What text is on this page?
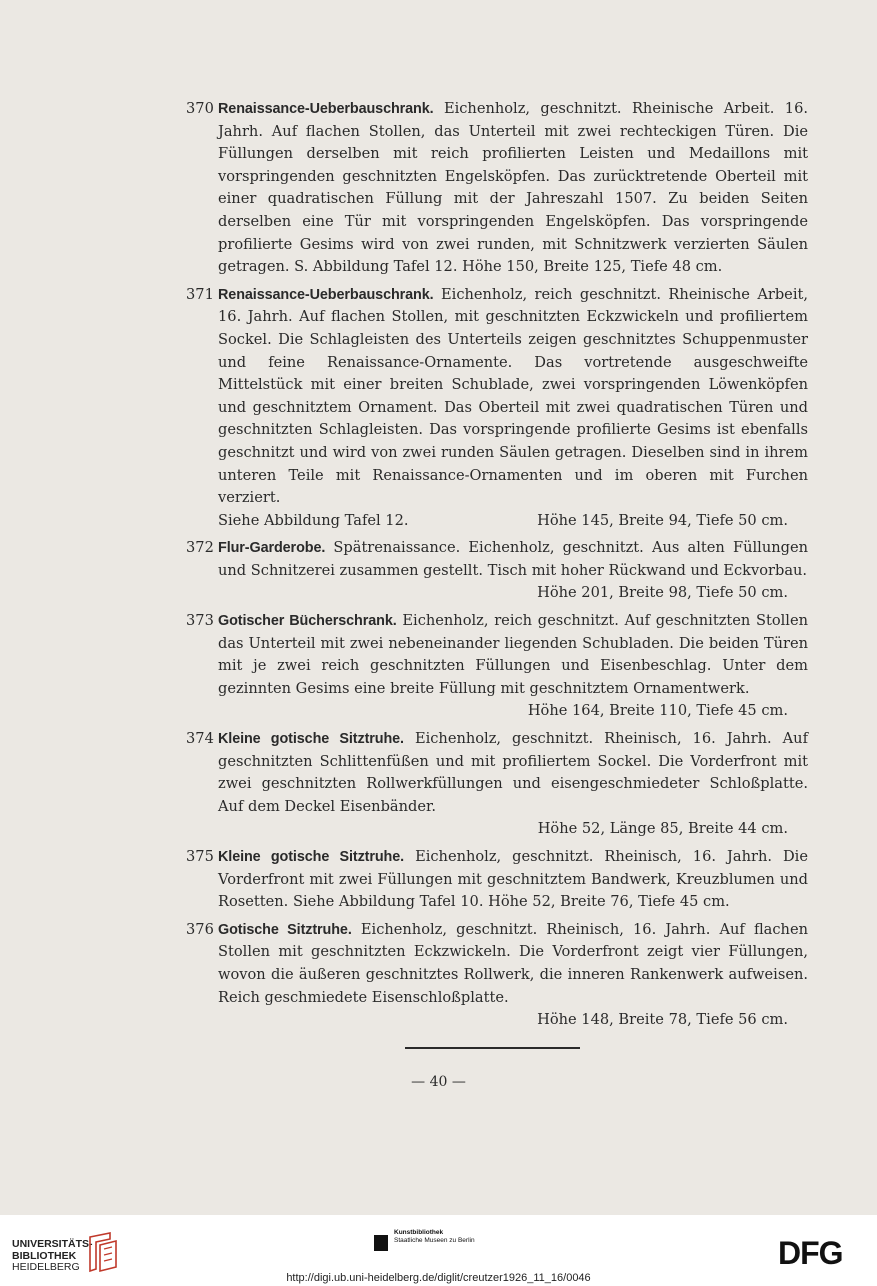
370 Renaissance-Ueberbauschrank. Eichenholz, geschnitzt. Rheinische Arbeit. 16. Jahrh. Auf flachen Stollen, das Unterteil mit zwei rechteckigen Türen. Die Füllungen derselben mit reich profilierten Leisten und Medaillons mit vorspringenden geschnitzten Engelsköpfen. Das zurücktretende Oberteil mit einer quadratischen Füllung mit der Jahreszahl 1507. Zu beiden Seiten derselben eine Tür mit vorspringenden Engelsköpfen. Das vorspringende profilierte Gesims wird von zwei runden, mit Schnitzwerk verzierten Säulen getragen. S. Abbildung Tafel 12. Höhe 150, Breite 125, Tiefe 48 cm.

371 Renaissance-Ueberbauschrank. Eichenholz, reich geschnitzt. Rheinische Arbeit, 16. Jahrh. Auf flachen Stollen, mit geschnitzten Eckzwickeln und profiliertem Sockel. Die Schlagleisten des Unterteils zeigen geschnitztes Schuppenmuster und feine Renaissance-Ornamente. Das vortretende ausgeschweifte Mittelstück mit einer breiten Schublade, zwei vorspringenden Löwenköpfen und geschnitztem Ornament. Das Oberteil mit zwei quadratischen Türen und geschnitzten Schlagleisten. Das vorspringende profilierte Gesims ist ebenfalls geschnitzt und wird von zwei runden Säulen getragen. Dieselben sind in ihrem unteren Teile mit Renaissance-Ornamenten und im oberen mit Furchen verziert.

Siehe Abbildung Tafel 12.	Höhe 145, Breite 94, Tiefe 50 cm.
372 Flur-Garderobe. Spätrenaissance. Eichenholz, geschnitzt. Aus alten Füllungen und Schnitzerei zusammen gestellt. Tisch mit hoher Rückwand und Eckvorbau.

Höhe 201, Breite 98, Tiefe 50 cm.
373 Gotischer Bücherschrank. Eichenholz, reich geschnitzt. Auf geschnitzten Stollen das Unterteil mit zwei nebeneinander liegenden Schubladen. Die beiden Türen mit je zwei reich geschnitzten Füllungen und Eisenbeschlag. Unter dem gezinnten Gesims eine breite Füllung mit geschnitztem Ornamentwerk.

Höhe 164, Breite 110, Tiefe 45 cm.
374 Kleine gotische Sitztruhe. Eichenholz, geschnitzt. Rheinisch, 16. Jahrh. Auf geschnitzten Schlittenfüßen und mit profiliertem Sockel. Die Vorderfront mit zwei geschnitzten Rollwerkfüllungen und eisengeschmiedeter Schloßplatte. Auf dem Deckel Eisenbänder.

Höhe 52, Länge 85, Breite 44 cm.
375 Kleine gotische Sitztruhe. Eichenholz, geschnitzt. Rheinisch, 16. Jahrh. Die Vorderfront mit zwei Füllungen mit geschnitztem Bandwerk, Kreuzblumen und Rosetten. Siehe Abbildung Tafel 10. Höhe 52, Breite 76, Tiefe 45 cm.

376 Gotische Sitztruhe. Eichenholz, geschnitzt. Rheinisch, 16. Jahrh. Auf flachen Stollen mit geschnitzten Eckzwickeln. Die Vorderfront zeigt vier Füllungen, wovon die äußeren geschnitztes Rollwerk, die inneren Rankenwerk aufweisen. Reich geschmiedete Eisenschloßplatte.

Höhe 148, Breite 78, Tiefe 56 cm.
— 40 —
UNIVERSITÄTS-
BIBLIOTHEK
HEIDELBERG
Kunstbibliothek
Staatliche Museen zu Berlin	DFG
http://digi.ub.uni-heidelberg.de/diglit/creutzer1926_11_16/0046
